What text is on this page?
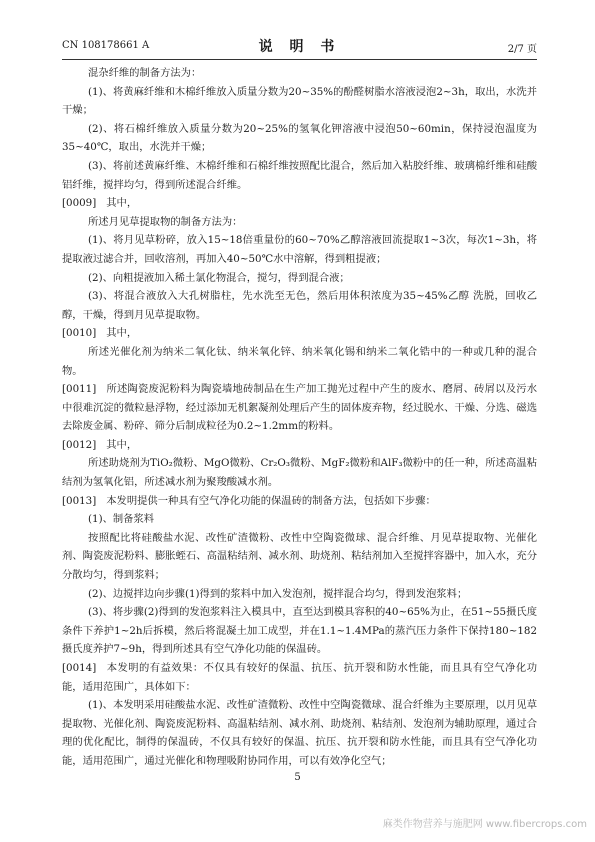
CN 108178661 A	说 明 书	2/7 页

混杂纤维的制备方法为：

(1)、将黄麻纤维和木棉纤维放入质量分数为20~35%的酚醛树脂水溶液浸泡2~3h，取出，水洗并干燥；

(2)、将石棉纤维放入质量分数为20~25%的氢氧化钾溶液中浸泡50~60min，保持浸泡温度为35~40℃，取出，水洗并干燥；

(3)、将前述黄麻纤维、木棉纤维和石棉纤维按照配比混合，然后加入粘胶纤维、玻璃棉纤维和硅酸铝纤维，搅拌均匀，得到所述混合纤维。

[0009] 其中，

所述月见草提取物的制备方法为：

(1)、将月见草粉碎，放入15~18倍重量份的60~70%乙醇溶液回流提取1~3次，每次1~3h，将提取液过滤合并，回收溶剂，再加入40~50℃水中溶解，得到粗提液；

(2)、向粗提液加入稀土氯化物混合，搅匀，得到混合液；

(3)、将混合液放入大孔树脂柱，先水洗至无色，然后用体积浓度为35~45%乙醇 洗脱，回收乙醇，干燥，得到月见草提取物。

[0010] 其中，

所述光催化剂为纳米二氧化钛、纳米氧化锌、纳米氧化锡和纳米二氧化锆中的一种或几种的混合物。

[0011] 所述陶瓷废泥粉料为陶瓷墙地砖制品在生产加工抛光过程中产生的废水、磨屑、砖屑以及污水中很难沉淀的微粒悬浮物，经过添加无机絮凝剂处理后产生的固体废弃物，经过脱水、干燥、分选、磁选去除废金属、粉碎、筛分后制成粒径为0.2~1.2mm的粉料。

[0012] 其中，

所述助烧剂为TiO₂微粉、MgO微粉、Cr₂O₃微粉、MgF₂微粉和AlF₃微粉中的任一种，所述高温粘结剂为氢氧化铝，所述减水剂为聚羧酸减水剂。

[0013] 本发明提供一种具有空气净化功能的保温砖的制备方法，包括如下步骤：

(1)、制备浆料

按照配比将硅酸盐水泥、改性矿渣微粉、改性中空陶瓷微球、混合纤维、月见草提取物、光催化剂、陶瓷废泥粉料、膨胀蛭石、高温粘结剂、减水剂、助烧剂、粘结剂加入至搅拌容器中，加入水，充分分散均匀，得到浆料；

(2)、边搅拌边向步骤(1)得到的浆料中加入发泡剂，搅拌混合均匀，得到发泡浆料；

(3)、将步骤(2)得到的发泡浆料注入模具中，直至达到模具容积的40~65%为止，在51~55摄氏度条件下养护1~2h后拆模，然后将混凝土加工成型，并在1.1~1.4MPa的蒸汽压力条件下保持180~182摄氏度养护7~9h，得到所述具有空气净化功能的保温砖。

[0014] 本发明的有益效果：不仅具有较好的保温、抗压、抗开裂和防水性能，而且具有空气净化功能，适用范围广，具体如下：

(1)、本发明采用硅酸盐水泥、改性矿渣微粉、改性中空陶瓷微球、混合纤维为主要原理，以月见草提取物、光催化剂、陶瓷废泥粉料、高温粘结剂、减水剂、助烧剂、粘结剂、发泡剂为辅助原理，通过合理的优化配比，制得的保温砖，不仅具有较好的保温、抗压、抗开裂和防水性能，而且具有空气净化功能，适用范围广，通过光催化和物理吸附协同作用，可以有效净化空气；

5
麻类作物营养与施肥网 www.fibercrops.com
